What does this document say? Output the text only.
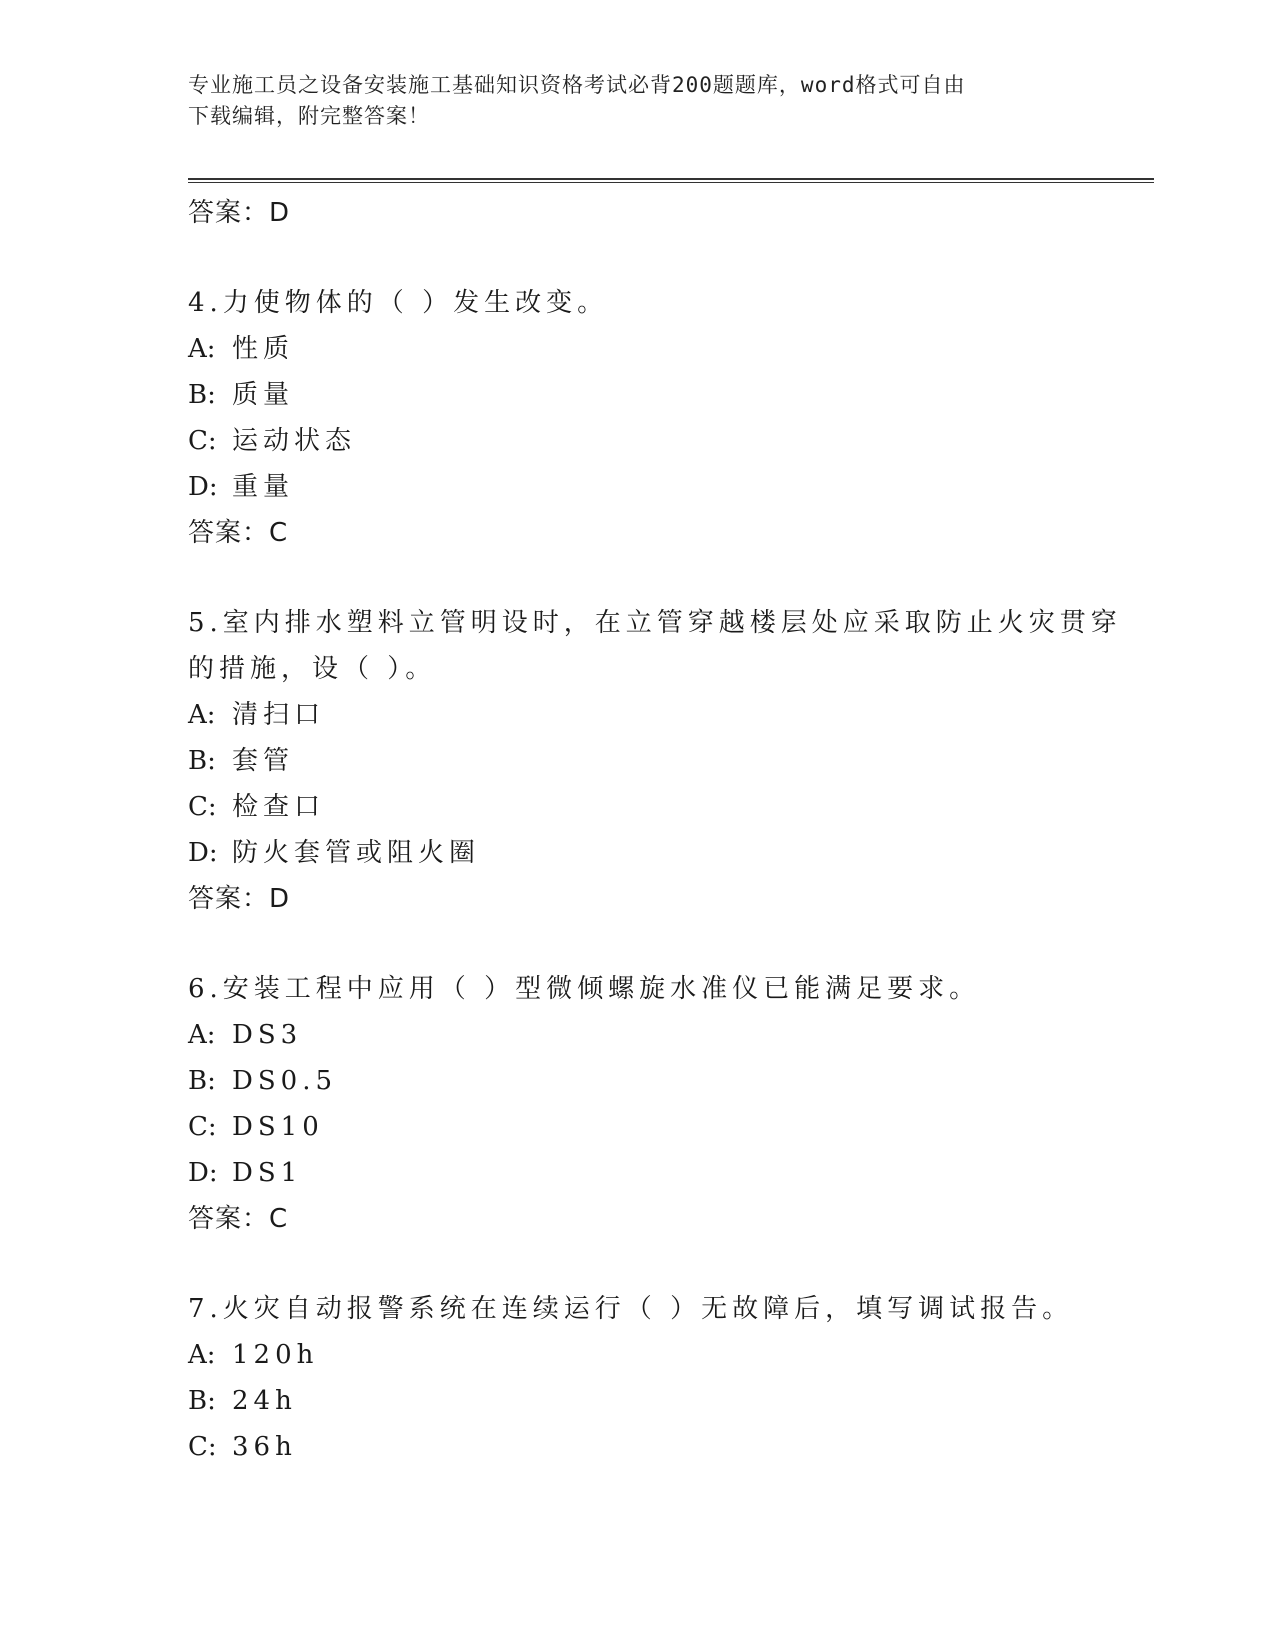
专业施工员之设备安装施工基础知识资格考试必背200题题库，word格式可自由
下载编辑，附完整答案！
答案：D
4.力使物体的（ ）发生改变。
A: 性质
B: 质量
C: 运动状态
D: 重量
答案：C
5.室内排水塑料立管明设时，在立管穿越楼层处应采取防止火灾贯穿
的措施，设（ ）。
A: 清扫口
B: 套管
C: 检查口
D: 防火套管或阻火圈
答案：D
6.安装工程中应用（ ）型微倾螺旋水准仪已能满足要求。
A: DS3
B: DS0.5
C: DS10
D: DS1
答案：C
7.火灾自动报警系统在连续运行（ ）无故障后，填写调试报告。
A: 120h
B: 24h
C: 36h
